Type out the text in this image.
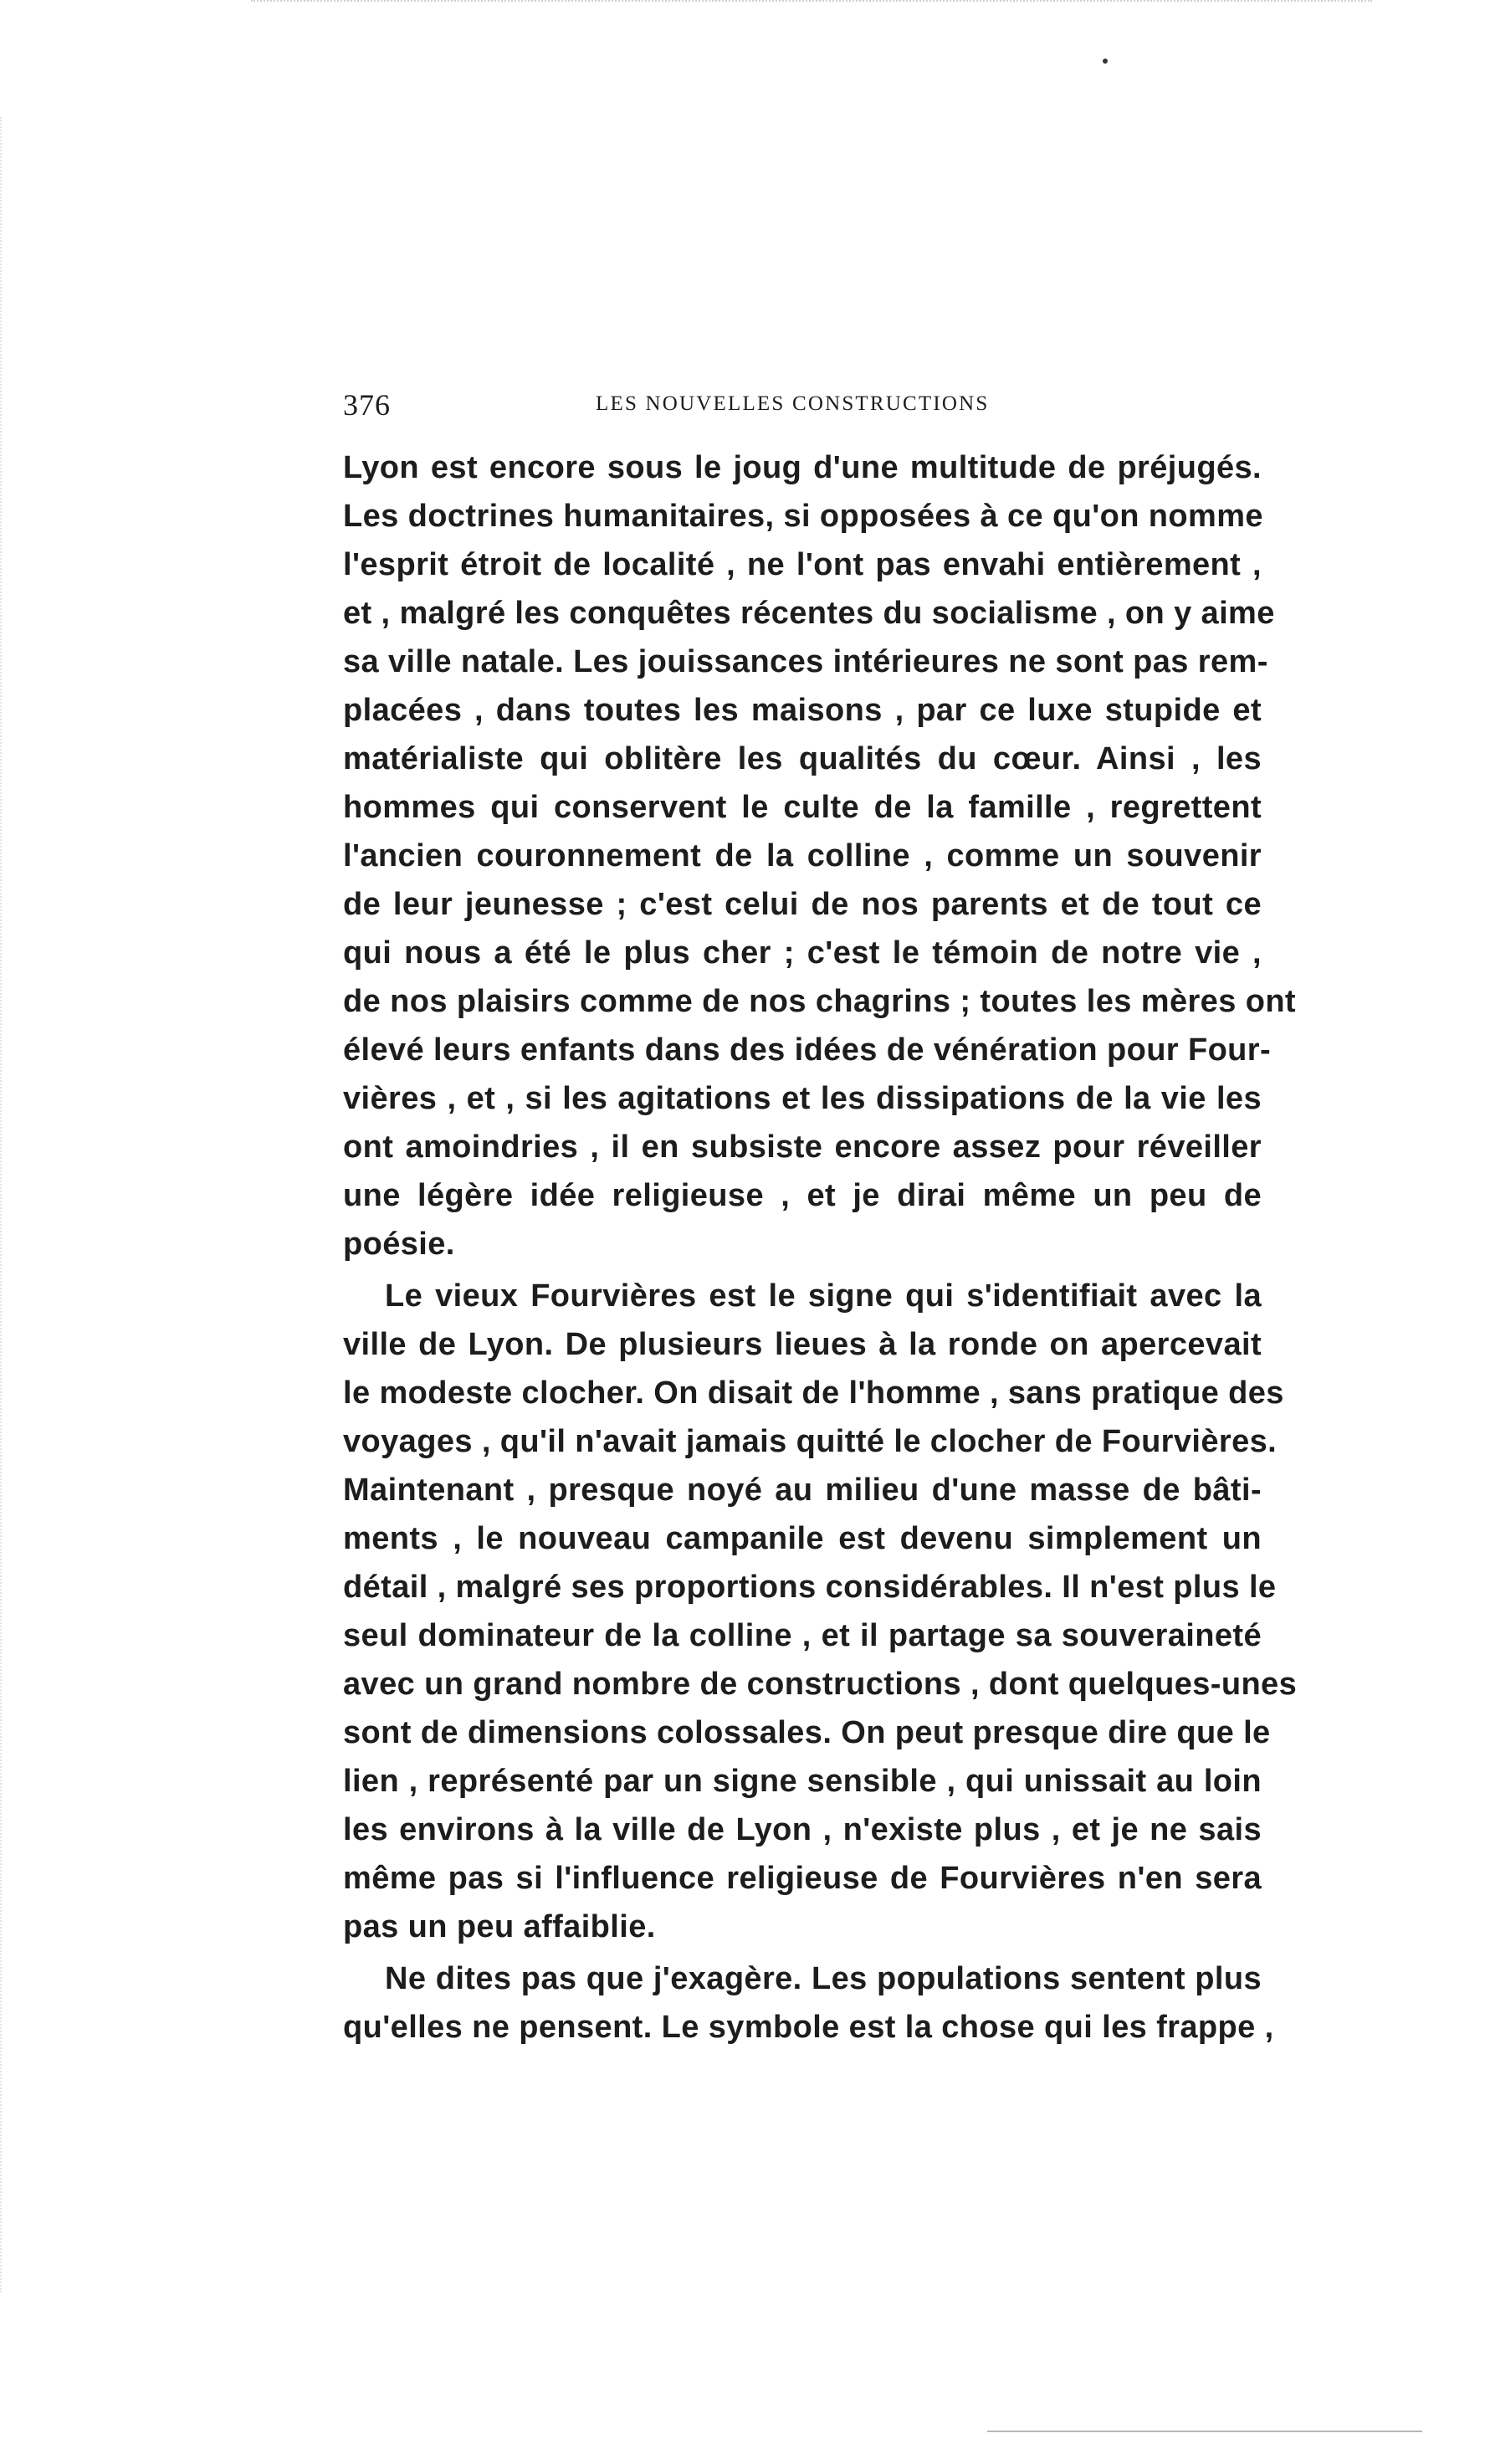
376	LES NOUVELLES CONSTRUCTIONS
Lyon est encore sous le joug d'une multitude de préjugés.
Les doctrines humanitaires, si opposées à ce qu'on nomme
l'esprit étroit de localité , ne l'ont pas envahi entièrement ,
et , malgré les conquêtes récentes du socialisme , on y aime
sa ville natale. Les jouissances intérieures ne sont pas rem-
placées , dans toutes les maisons , par ce luxe stupide et
matérialiste qui oblitère les qualités du cœur. Ainsi , les
hommes qui conservent le culte de la famille , regrettent
l'ancien couronnement de la colline , comme un souvenir
de leur jeunesse ; c'est celui de nos parents et de tout ce
qui nous a été le plus cher ; c'est le témoin de notre vie ,
de nos plaisirs comme de nos chagrins ; toutes les mères ont
élevé leurs enfants dans des idées de vénération pour Four-
vières , et , si les agitations et les dissipations de la vie les
ont amoindries , il en subsiste encore assez pour réveiller
une légère idée religieuse , et je dirai même un peu de
poésie.
Le vieux Fourvières est le signe qui s'identifiait avec la
ville de Lyon. De plusieurs lieues à la ronde on apercevait
le modeste clocher. On disait de l'homme , sans pratique des
voyages , qu'il n'avait jamais quitté le clocher de Fourvières.
Maintenant , presque noyé au milieu d'une masse de bâti-
ments , le nouveau campanile est devenu simplement un
détail , malgré ses proportions considérables. Il n'est plus le
seul dominateur de la colline , et il partage sa souveraineté
avec un grand nombre de constructions , dont quelques-unes
sont de dimensions colossales. On peut presque dire que le
lien , représenté par un signe sensible , qui unissait au loin
les environs à la ville de Lyon , n'existe plus , et je ne sais
même pas si l'influence religieuse de Fourvières n'en sera
pas un peu affaiblie.
Ne dites pas que j'exagère. Les populations sentent plus
qu'elles ne pensent. Le symbole est la chose qui les frappe ,
